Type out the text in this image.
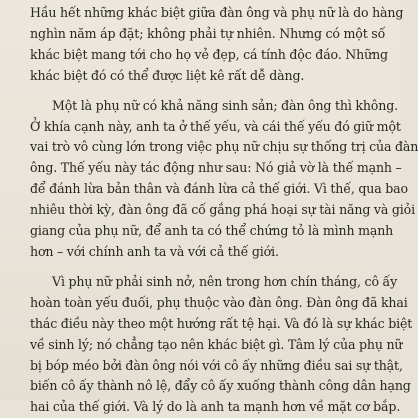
Hầu hết những khác biệt giữa đàn ông và phụ nữ là do hàng
nghìn năm áp đặt; không phải tự nhiên. Nhưng có một số
khác biệt mang tới cho họ vẻ đẹp, cá tính độc đáo. Những
khác biệt đó có thể được liệt kê rất dễ dàng.

Một là phụ nữ có khả năng sinh sản; đàn ông thì không.
Ở khía cạnh này, anh ta ở thế yếu, và cái thế yếu đó giữ một
vai trò vô cùng lớn trong việc phụ nữ chịu sự thống trị của đàn
ông. Thế yếu này tác động như sau: Nó giả vờ là thế mạnh –
để đánh lừa bản thân và đánh lừa cả thế giới. Vì thế, qua bao
nhiêu thời kỳ, đàn ông đã cố gắng phá hoại sự tài năng và giỏi
giang của phụ nữ, để anh ta có thể chứng tỏ là mình mạnh
hơn – với chính anh ta và với cả thế giới.

Vì phụ nữ phải sinh nở, nên trong hơn chín tháng, cô ấy
hoàn toàn yếu đuối, phụ thuộc vào đàn ông. Đàn ông đã khai
thác điều này theo một hướng rất tệ hại. Và đó là sự khác biệt
về sinh lý; nó chẳng tạo nên khác biệt gì. Tâm lý của phụ nữ
bị bóp méo bởi đàn ông nói với cô ấy những điều sai sự thật,
biến cô ấy thành nô lệ, đẩy cô ấy xuống thành công dân hạng
hai của thế giới. Và lý do là anh ta mạnh hơn về mặt cơ bắp.
